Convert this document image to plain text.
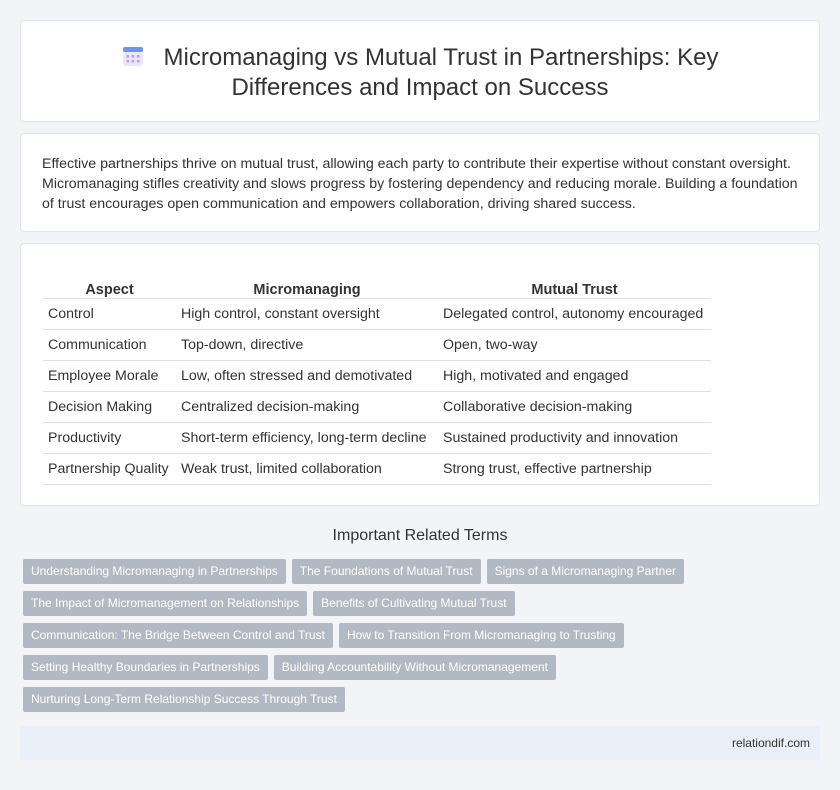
Micromanaging vs Mutual Trust in Partnerships: Key Differences and Impact on Success

Effective partnerships thrive on mutual trust, allowing each party to contribute their expertise without constant oversight. Micromanaging stifles creativity and slows progress by fostering dependency and reducing morale. Building a foundation of trust encourages open communication and empowers collaboration, driving shared success.

Aspect	Micromanaging	Mutual Trust
Control	High control, constant oversight	Delegated control, autonomy encouraged
Communication	Top-down, directive	Open, two-way
Employee Morale	Low, often stressed and demotivated	High, motivated and engaged
Decision Making	Centralized decision-making	Collaborative decision-making
Productivity	Short-term efficiency, long-term decline	Sustained productivity and innovation
Partnership Quality	Weak trust, limited collaboration	Strong trust, effective partnership
Important Related Terms
Understanding Micromanaging in Partnerships	The Foundations of Mutual Trust	Signs of a Micromanaging Partner
The Impact of Micromanagement on Relationships	Benefits of Cultivating Mutual Trust
Communication: The Bridge Between Control and Trust	How to Transition From Micromanaging to Trusting
Setting Healthy Boundaries in Partnerships	Building Accountability Without Micromanagement
Nurturing Long-Term Relationship Success Through Trust
relationdif.com
